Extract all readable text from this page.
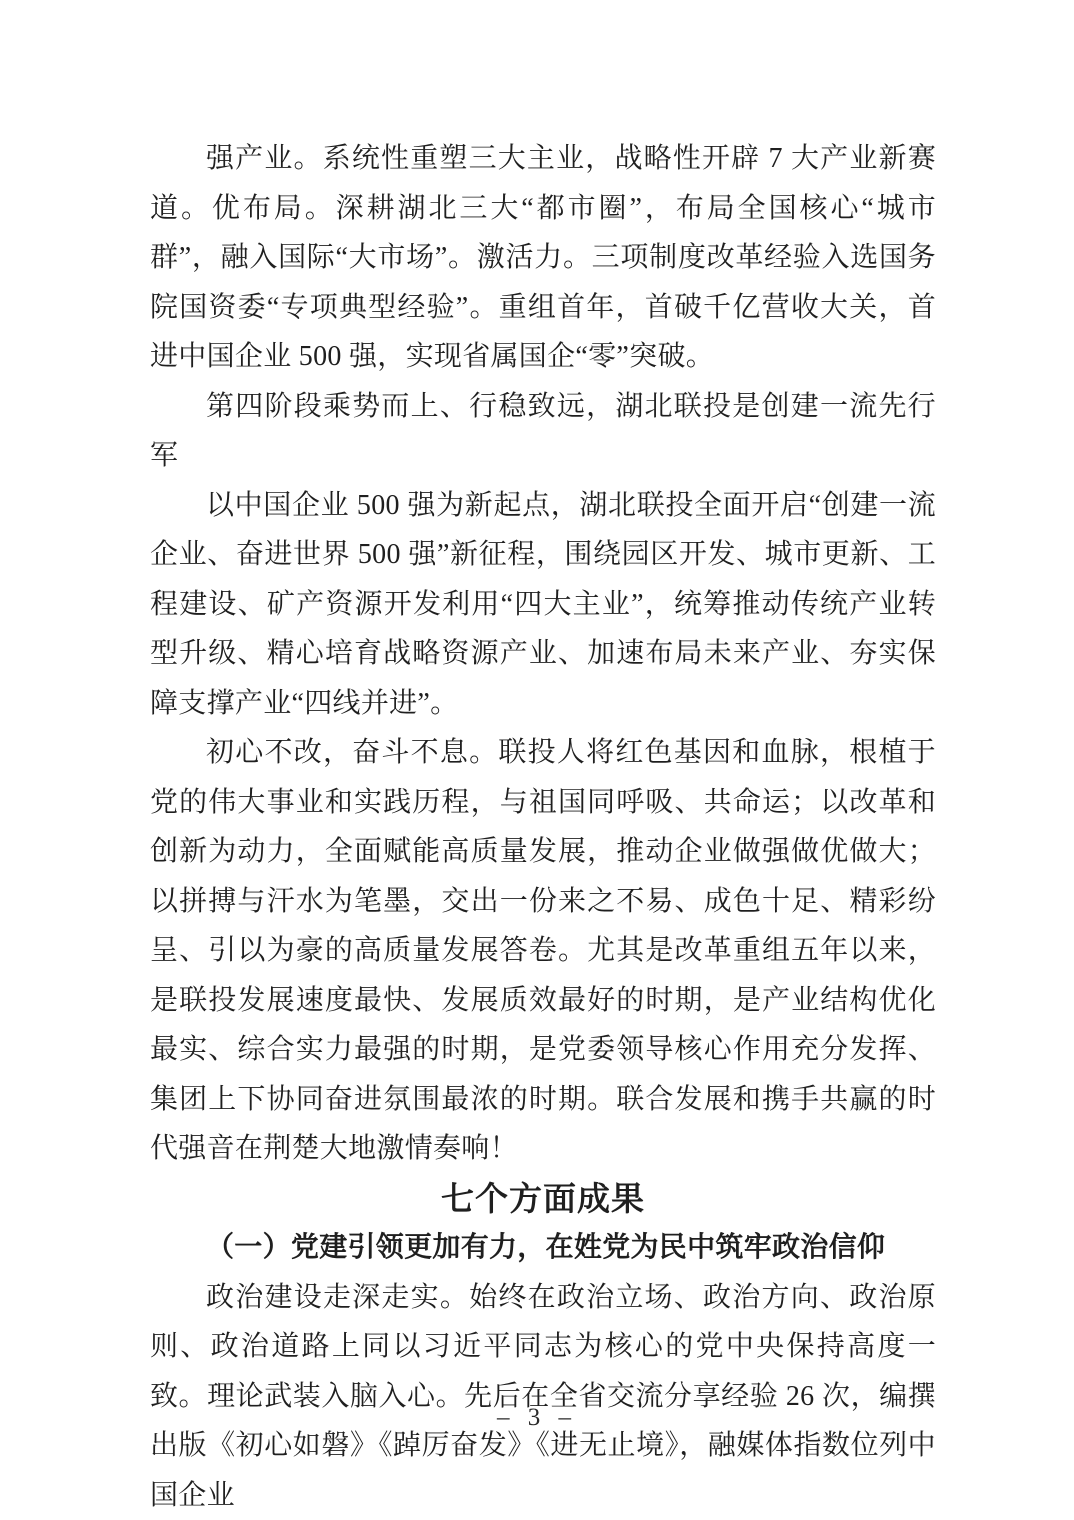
强产业。系统性重塑三大主业，战略性开辟 7 大产业新赛道。优布局。深耕湖北三大“都市圈”，布局全国核心“城市群”，融入国际“大市场”。激活力。三项制度改革经验入选国务院国资委“专项典型经验”。重组首年，首破千亿营收大关，首进中国企业 500 强，实现省属国企“零”突破。

第四阶段乘势而上、行稳致远，湖北联投是创建一流先行军

以中国企业 500 强为新起点，湖北联投全面开启“创建一流企业、奋进世界 500 强”新征程，围绕园区开发、城市更新、工程建设、矿产资源开发利用“四大主业”，统筹推动传统产业转型升级、精心培育战略资源产业、加速布局未来产业、夯实保障支撑产业“四线并进”。

初心不改，奋斗不息。联投人将红色基因和血脉，根植于党的伟大事业和实践历程，与祖国同呼吸、共命运；以改革和创新为动力，全面赋能高质量发展，推动企业做强做优做大；以拼搏与汗水为笔墨，交出一份来之不易、成色十足、精彩纷呈、引以为豪的高质量发展答卷。尤其是改革重组五年以来，是联投发展速度最快、发展质效最好的时期，是产业结构优化最实、综合实力最强的时期，是党委领导核心作用充分发挥、集团上下协同奋进氛围最浓的时期。联合发展和携手共赢的时代强音在荆楚大地激情奏响！

七个方面成果

（一）党建引领更加有力，在姓党为民中筑牢政治信仰

政治建设走深走实。始终在政治立场、政治方向、政治原则、政治道路上同以习近平同志为核心的党中央保持高度一致。理论武装入脑入心。先后在全省交流分享经验 26 次，编撰出版《初心如磐》《踔厉奋发》《进无止境》，融媒体指数位列中国企业

– 3 –
